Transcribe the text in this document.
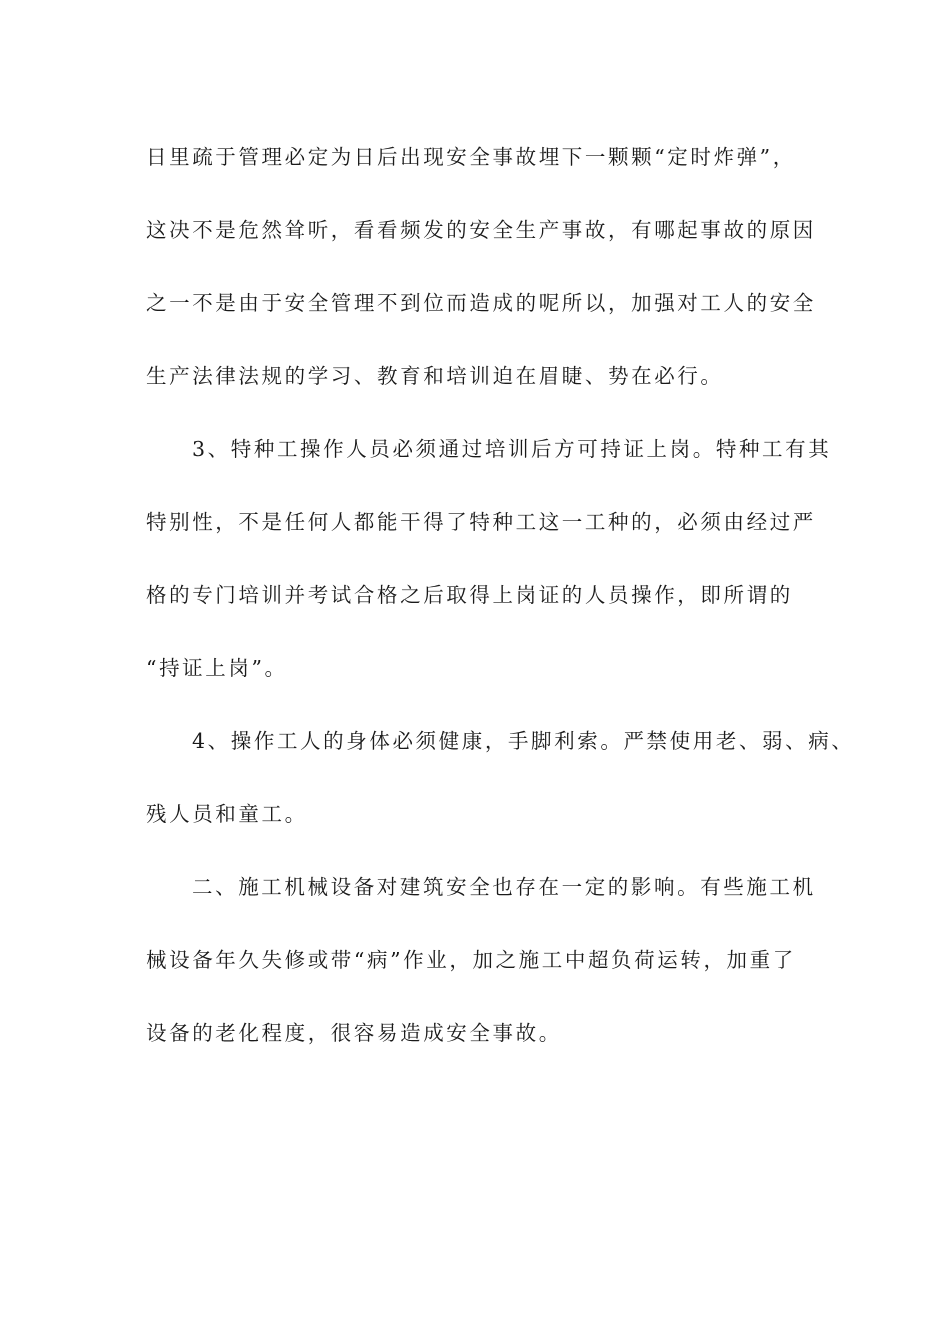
日里疏于管理必定为日后出现安全事故埋下一颗颗“定时炸弹”，
这决不是危然耸听，看看频发的安全生产事故，有哪起事故的原因
之一不是由于安全管理不到位而造成的呢所以，加强对工人的安全
生产法律法规的学习、教育和培训迫在眉睫、势在必行。
3、特种工操作人员必须通过培训后方可持证上岗。特种工有其
特别性，不是任何人都能干得了特种工这一工种的，必须由经过严
格的专门培训并考试合格之后取得上岗证的人员操作，即所谓的
“持证上岗”。
4、操作工人的身体必须健康，手脚利索。严禁使用老、弱、病、
残人员和童工。
二、施工机械设备对建筑安全也存在一定的影响。有些施工机
械设备年久失修或带“病”作业，加之施工中超负荷运转，加重了
设备的老化程度，很容易造成安全事故。
